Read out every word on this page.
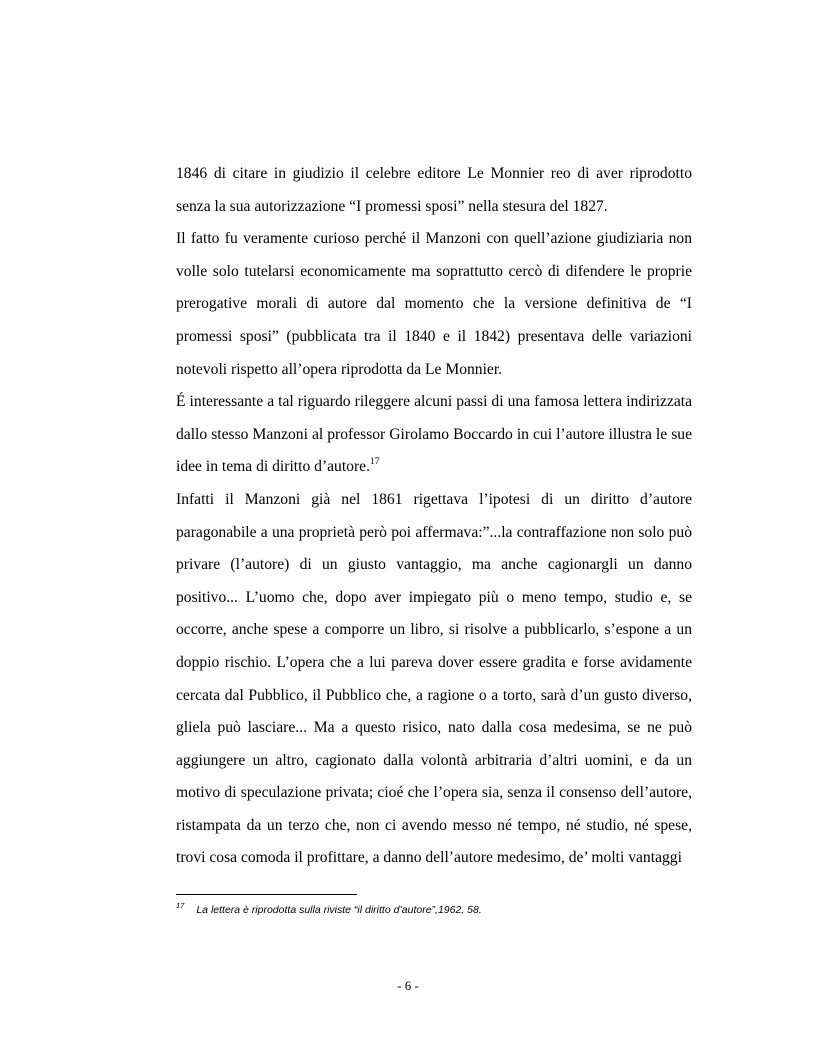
1846 di citare in giudizio il celebre editore Le Monnier reo di aver riprodotto senza la sua autorizzazione “I promessi sposi” nella stesura del 1827.

Il fatto fu veramente curioso perché il Manzoni con quell’azione giudiziaria non volle solo tutelarsi economicamente ma soprattutto cercò di difendere le proprie prerogative morali di autore dal momento che la versione definitiva de “I promessi sposi” (pubblicata tra il 1840 e il 1842) presentava delle variazioni notevoli rispetto all’opera riprodotta da Le Monnier.

É interessante a tal riguardo rileggere alcuni passi di una famosa lettera indirizzata dallo stesso Manzoni al professor Girolamo Boccardo in cui l’autore illustra le sue idee in tema di diritto d’autore.$^{17}$

Infatti il Manzoni già nel 1861 rigettava l’ipotesi di un diritto d’autore paragonabile a una proprietà però poi affermava:”...la contraffazione non solo può privare (l’autore) di un giusto vantaggio, ma anche cagionargli un danno positivo... L’uomo che, dopo aver impiegato più o meno tempo, studio e, se occorre, anche spese a comporre un libro, si risolve a pubblicarlo, s’espone a un doppio rischio. L’opera che a lui pareva dover essere gradita e forse avidamente cercata dal Pubblico, il Pubblico che, a ragione o a torto, sarà d’un gusto diverso, gliela può lasciare... Ma a questo risico, nato dalla cosa medesima, se ne può aggiungere un altro, cagionato dalla volontà arbitraria d’altri uomini, e da un motivo di speculazione privata; cioé che l’opera sia, senza il consenso dell’autore, ristampata da un terzo che, non ci avendo messo né tempo, né studio, né spese, trovi cosa comoda il profittare, a danno dell’autore medesimo, de’ molti vantaggi

$^{17}$ La lettera è riprodotta sulla riviste “il diritto d’autore”,1962, 58.
- 6 -
